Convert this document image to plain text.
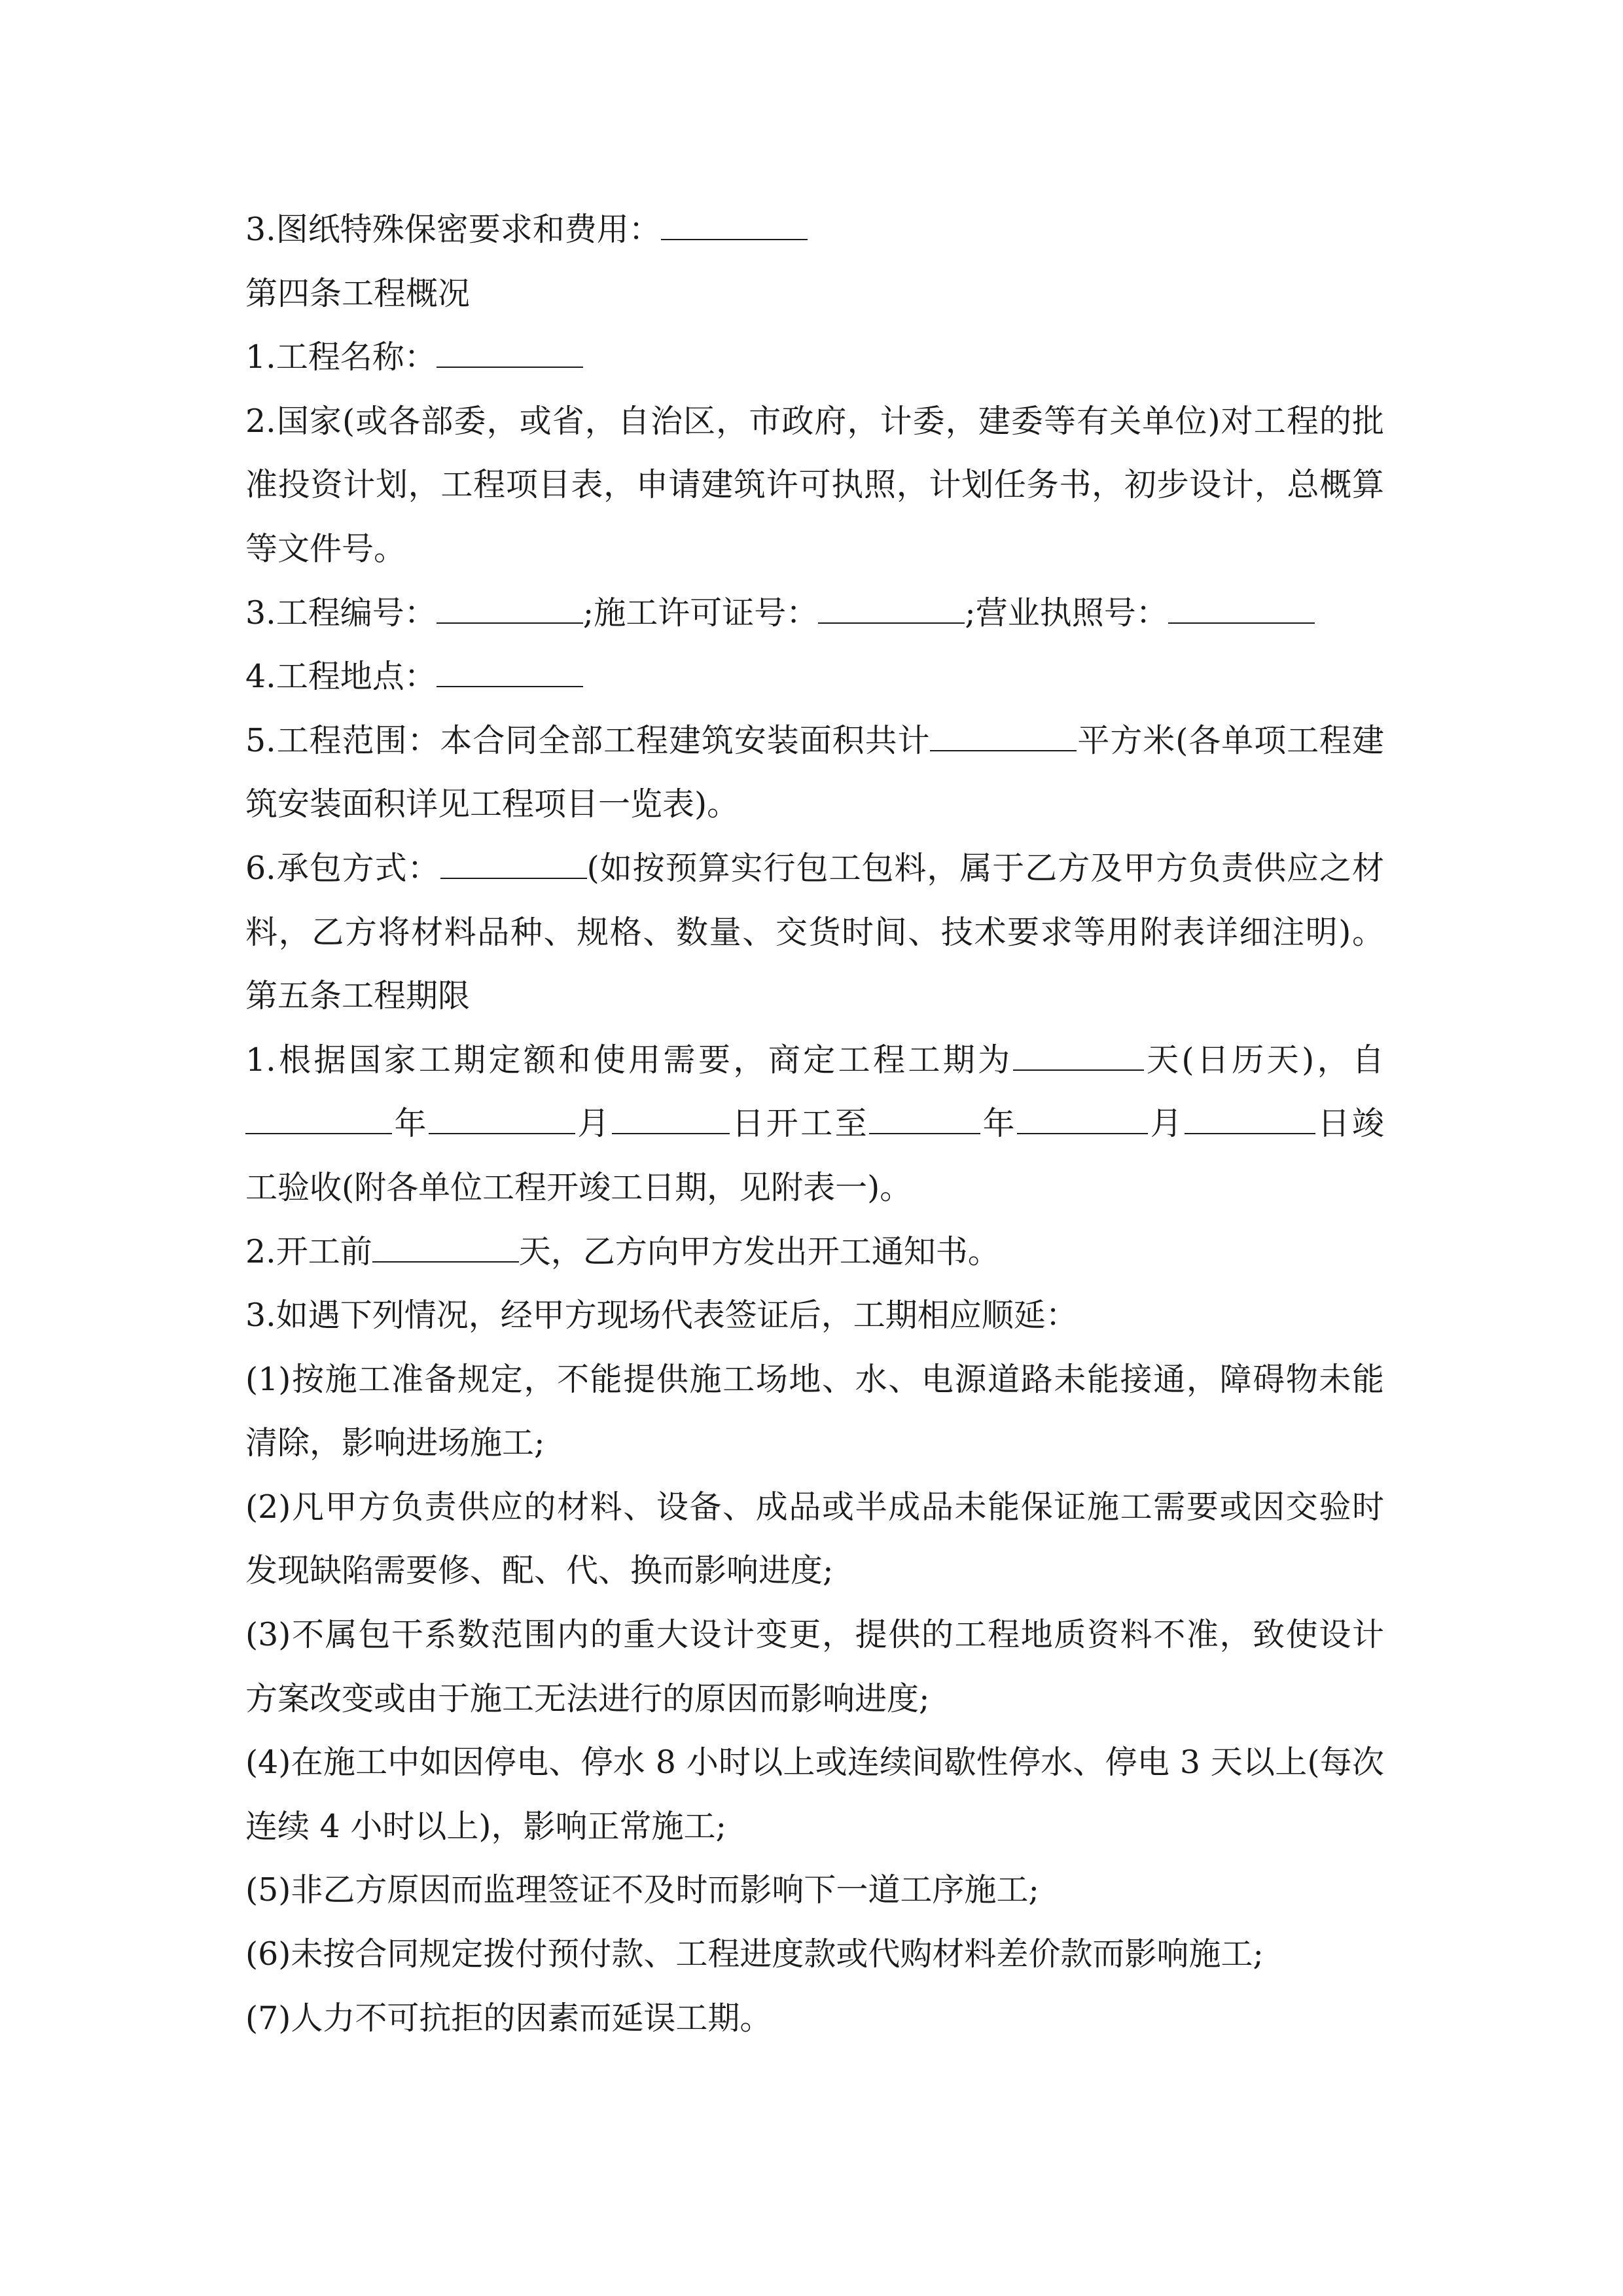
3.图纸特殊保密要求和费用：
第四条工程概况
1.工程名称：
2.国家(或各部委，或省，自治区，市政府，计委，建委等有关单位)对工程的批
准投资计划，工程项目表，申请建筑许可执照，计划任务书，初步设计，总概算
等文件号。
3.工程编号：	;施工许可证号：	;营业执照号：
4.工程地点：
5.工程范围：本合同全部工程建筑安装面积共计	平方米(各单项工程建
筑安装面积详见工程项目一览表)。
6.承包方式：	(如按预算实行包工包料，属于乙方及甲方负责供应之材
料，乙方将材料品种、规格、数量、交货时间、技术要求等用附表详细注明)。
第五条工程期限
1.根据国家工期定额和使用需要，商定工程工期为	天(日历天)，自
年	月	日开工至	年	月	日竣
工验收(附各单位工程开竣工日期，见附表一)。
2.开工前	天，乙方向甲方发出开工通知书。
3.如遇下列情况，经甲方现场代表签证后，工期相应顺延：
(1)按施工准备规定，不能提供施工场地、水、电源道路未能接通，障碍物未能
清除，影响进场施工;
(2)凡甲方负责供应的材料、设备、成品或半成品未能保证施工需要或因交验时
发现缺陷需要修、配、代、换而影响进度;
(3)不属包干系数范围内的重大设计变更，提供的工程地质资料不准，致使设计
方案改变或由于施工无法进行的原因而影响进度;
(4)在施工中如因停电、停水 8 小时以上或连续间歇性停水、停电 3 天以上(每次
连续 4 小时以上)，影响正常施工;
(5)非乙方原因而监理签证不及时而影响下一道工序施工;
(6)未按合同规定拨付预付款、工程进度款或代购材料差价款而影响施工;
(7)人力不可抗拒的因素而延误工期。
